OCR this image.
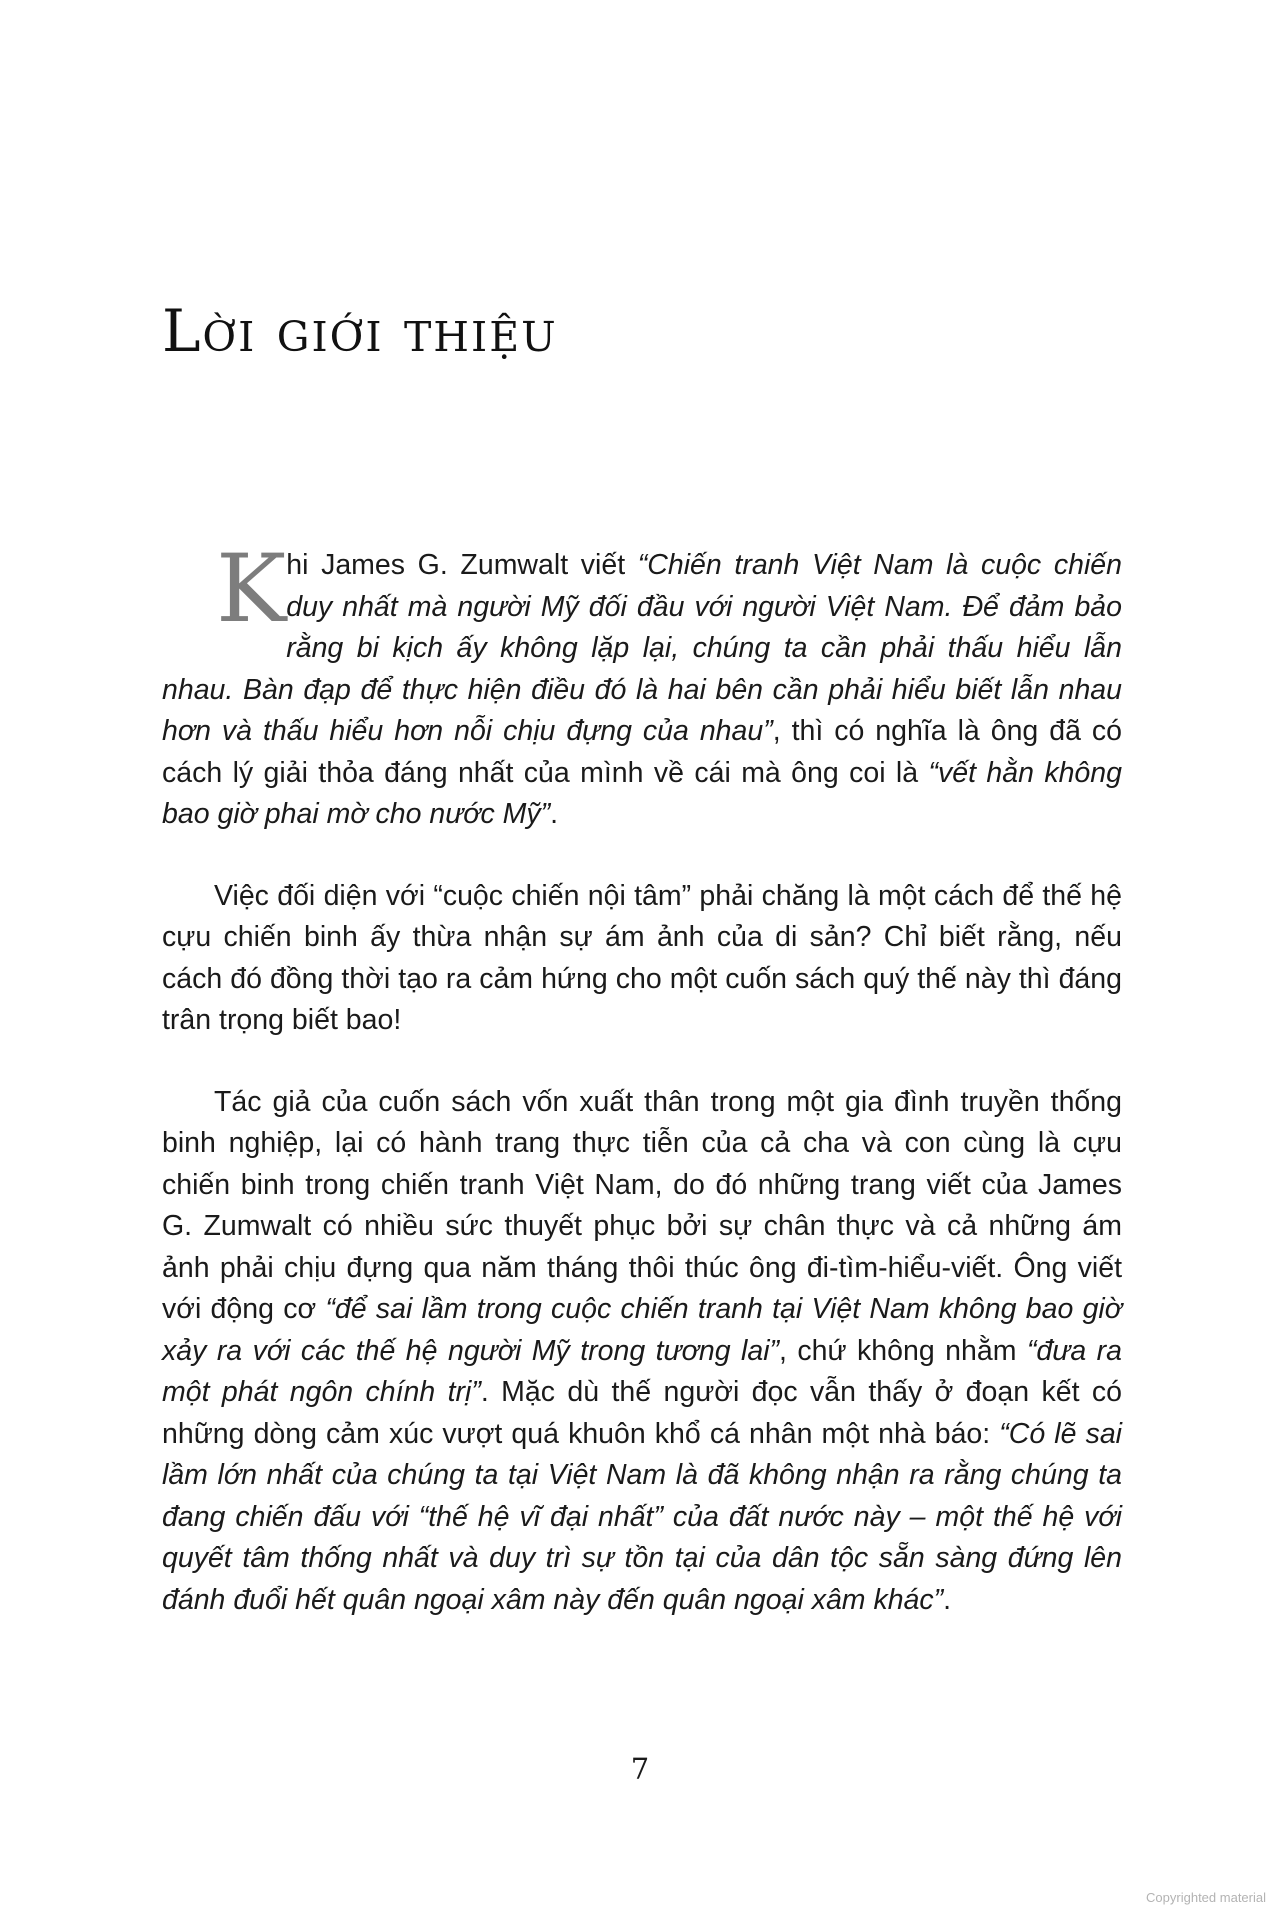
Lời giới thiệu

Khi James G. Zumwalt viết “Chiến tranh Việt Nam là cuộc chiến duy nhất mà người Mỹ đối đầu với người Việt Nam. Để đảm bảo rằng bi kịch ấy không lặp lại, chúng ta cần phải thấu hiểu lẫn nhau. Bàn đạp để thực hiện điều đó là hai bên cần phải hiểu biết lẫn nhau hơn và thấu hiểu hơn nỗi chịu đựng của nhau”, thì có nghĩa là ông đã có cách lý giải thỏa đáng nhất của mình về cái mà ông coi là “vết hằn không bao giờ phai mờ cho nước Mỹ”.

Việc đối diện với “cuộc chiến nội tâm” phải chăng là một cách để thế hệ cựu chiến binh ấy thừa nhận sự ám ảnh của di sản? Chỉ biết rằng, nếu cách đó đồng thời tạo ra cảm hứng cho một cuốn sách quý thế này thì đáng trân trọng biết bao!

Tác giả của cuốn sách vốn xuất thân trong một gia đình truyền thống binh nghiệp, lại có hành trang thực tiễn của cả cha và con cùng là cựu chiến binh trong chiến tranh Việt Nam, do đó những trang viết của James G. Zumwalt có nhiều sức thuyết phục bởi sự chân thực và cả những ám ảnh phải chịu đựng qua năm tháng thôi thúc ông đi-tìm-hiểu-viết. Ông viết với động cơ “để sai lầm trong cuộc chiến tranh tại Việt Nam không bao giờ xảy ra với các thế hệ người Mỹ trong tương lai”, chứ không nhằm “đưa ra một phát ngôn chính trị”. Mặc dù thế người đọc vẫn thấy ở đoạn kết có những dòng cảm xúc vượt quá khuôn khổ cá nhân một nhà báo: “Có lẽ sai lầm lớn nhất của chúng ta tại Việt Nam là đã không nhận ra rằng chúng ta đang chiến đấu với “thế hệ vĩ đại nhất” của đất nước này – một thế hệ với quyết tâm thống nhất và duy trì sự tồn tại của dân tộc sẵn sàng đứng lên đánh đuổi hết quân ngoại xâm này đến quân ngoại xâm khác”.

7
Copyrighted material
